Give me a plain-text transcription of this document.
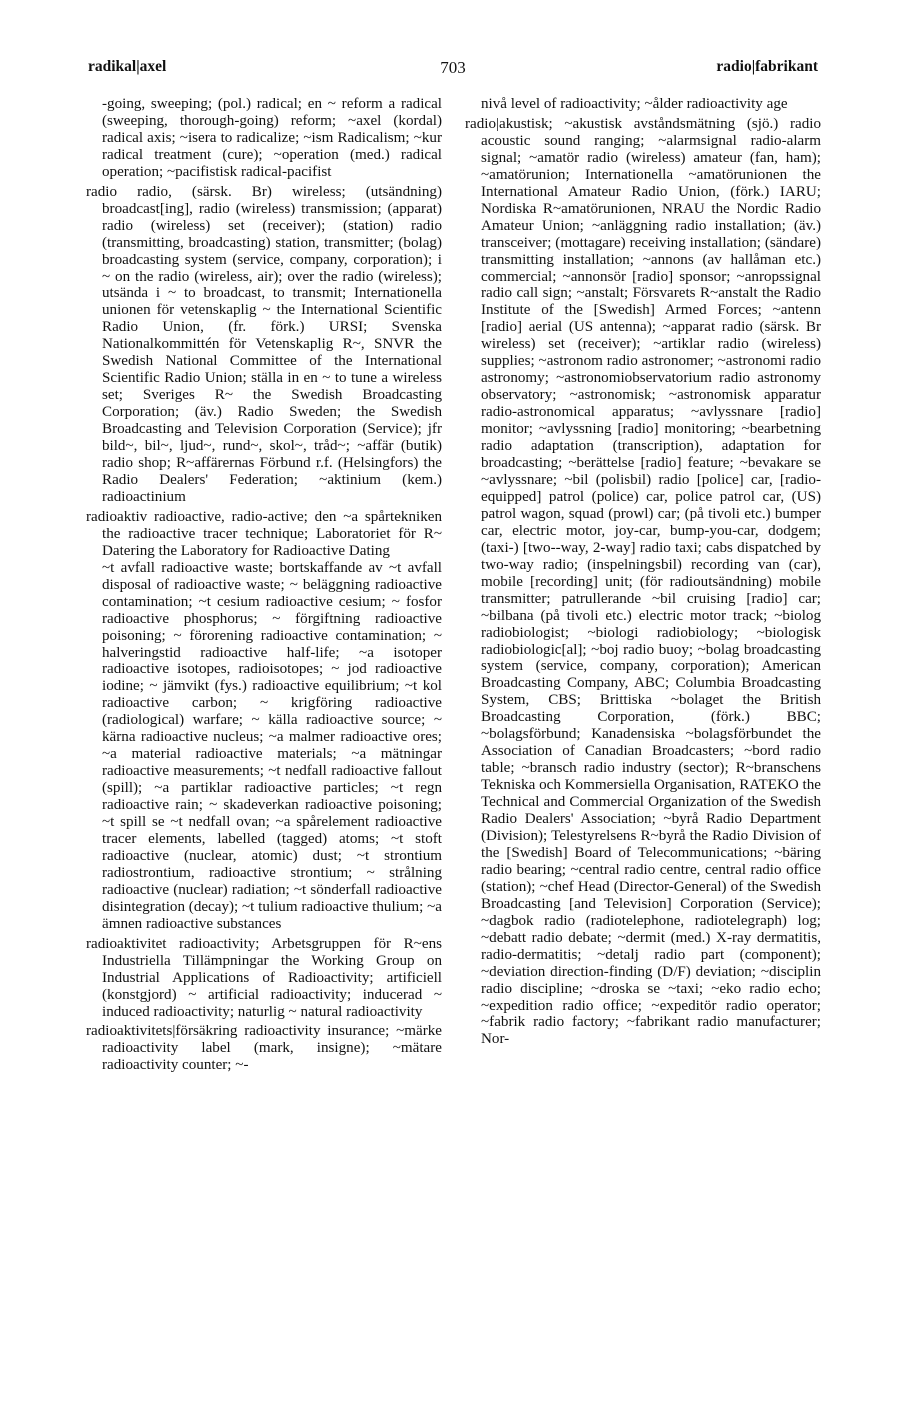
radikal|axel	703	radio|fabrikant

-going, sweeping; (pol.) radical; en ~ reform a radical (sweeping, thorough-going) reform; ~axel (kordal) radical axis; ~isera to radicalize; ~ism Radicalism; ~kur radical treatment (cure); ~operation (med.) radical operation; ~pacifistisk radical-pacifist

radio radio, (särsk. Br) wireless; (utsändning) broadcast[ing], radio (wireless) transmission; (apparat) radio (wireless) set (receiver); (station) radio (transmitting, broadcasting) station, transmitter; (bolag) broadcasting system (service, company, corporation); i ~ on the radio (wireless, air); over the radio (wireless); utsända i ~ to broadcast, to transmit; Internationella unionen för vetenskaplig ~ the International Scientific Radio Union, (fr. förk.) URSI; Svenska Nationalkommittén för Vetenskaplig R~, SNVR the Swedish National Committee of the International Scientific Radio Union; ställa in en ~ to tune a wireless set; Sveriges R~ the Swedish Broadcasting Corporation; (äv.) Radio Sweden; the Swedish Broadcasting and Television Corporation (Service); jfr bild~, bil~, ljud~, rund~, skol~, tråd~; ~affär (butik) radio shop; R~affärernas Förbund r.f. (Helsingfors) the Radio Dealers' Federation; ~aktinium (kem.) radioactinium

radioaktiv radioactive, radio-active; den ~a spårtekniken the radioactive tracer technique; Laboratoriet för R~ Datering the Laboratory for Radioactive Dating

~t avfall radioactive waste; bortskaffande av ~t avfall disposal of radioactive waste; ~ beläggning radioactive contamination; ~t cesium radioactive cesium; ~ fosfor radioactive phosphorus; ~ förgiftning radioactive poisoning; ~ förorening radioactive contamination; ~ halveringstid radioactive half-life; ~a isotoper radioactive isotopes, radioisotopes; ~ jod radioactive iodine; ~ jämvikt (fys.) radioactive equilibrium; ~t kol radioactive carbon; ~ krigföring radioactive (radiological) warfare; ~ källa radioactive source; ~ kärna radioactive nucleus; ~a malmer radioactive ores; ~a material radioactive materials; ~a mätningar radioactive measurements; ~t nedfall radioactive fallout (spill); ~a partiklar radioactive particles; ~t regn radioactive rain; ~ skadeverkan radioactive poisoning; ~t spill se ~t nedfall ovan; ~a spårelement radioactive tracer elements, labelled (tagged) atoms; ~t stoft radioactive (nuclear, atomic) dust; ~t strontium radiostrontium, radioactive strontium; ~ strålning radioactive (nuclear) radiation; ~t sönderfall radioactive disintegration (decay); ~t tulium radioactive thulium; ~a ämnen radioactive substances

radioaktivitet radioactivity; Arbetsgruppen för R~ens Industriella Tillämpningar the Working Group on Industrial Applications of Radioactivity; artificiell (konstgjord) ~ artificial radioactivity; inducerad ~ induced radioactivity; naturlig ~ natural radioactivity

radioaktivitets|försäkring radioactivity insurance; ~märke radioactivity label (mark, insigne); ~mätare radioactivity counter; ~-

nivå level of radioactivity; ~ålder radioactivity age

radio|akustisk; ~akustisk avståndsmätning (sjö.) radio acoustic sound ranging; ~alarmsignal radio-alarm signal; ~amatör radio (wireless) amateur (fan, ham); ~amatörunion; Internationella ~amatörunionen the International Amateur Radio Union, (förk.) IARU; Nordiska R~amatörunionen, NRAU the Nordic Radio Amateur Union; ~anläggning radio installation; (äv.) transceiver; (mottagare) receiving installation; (sändare) transmitting installation; ~annons (av hallåman etc.) commercial; ~annonsör [radio] sponsor; ~anropssignal radio call sign; ~anstalt; Försvarets R~anstalt the Radio Institute of the [Swedish] Armed Forces; ~antenn [radio] aerial (US antenna); ~apparat radio (särsk. Br wireless) set (receiver); ~artiklar radio (wireless) supplies; ~astronom radio astronomer; ~astronomi radio astronomy; ~astronomiobservatorium radio astronomy observatory; ~astronomisk; ~astronomisk apparatur radio-astronomical apparatus; ~avlyssnare [radio] monitor; ~avlyssning [radio] monitoring; ~bearbetning radio adaptation (transcription), adaptation for broadcasting; ~berättelse [radio] feature; ~bevakare se ~avlyssnare; ~bil (polisbil) radio [police] car, [radio-equipped] patrol (police) car, police patrol car, (US) patrol wagon, squad (prowl) car; (på tivoli etc.) bumper car, electric motor, joy-car, bump-you-car, dodgem; (taxi-) [two--way, 2-way] radio taxi; cabs dispatched by two-way radio; (inspelningsbil) recording van (car), mobile [recording] unit; (för radioutsändning) mobile transmitter; patrullerande ~bil cruising [radio] car; ~bilbana (på tivoli etc.) electric motor track; ~biolog radiobiologist; ~biologi radiobiology; ~biologisk radiobiologic[al]; ~boj radio buoy; ~bolag broadcasting system (service, company, corporation); American Broadcasting Company, ABC; Columbia Broadcasting System, CBS; Brittiska ~bolaget the British Broadcasting Corporation, (förk.) BBC; ~bolagsförbund; Kanadensiska ~bolagsförbundet the Association of Canadian Broadcasters; ~bord radio table; ~bransch radio industry (sector); R~branschens Tekniska och Kommersiella Organisation, RATEKO the Technical and Commercial Organization of the Swedish Radio Dealers' Association; ~byrå Radio Department (Division); Telestyrelsens R~byrå the Radio Division of the [Swedish] Board of Telecommunications; ~bäring radio bearing; ~central radio centre, central radio office (station); ~chef Head (Director-General) of the Swedish Broadcasting [and Television] Corporation (Service); ~dagbok radio (radiotelephone, radiotelegraph) log; ~debatt radio debate; ~dermit (med.) X-ray dermatitis, radio-dermatitis; ~detalj radio part (component); ~deviation direction-finding (D/F) deviation; ~disciplin radio discipline; ~droska se ~taxi; ~eko radio echo; ~expedition radio office; ~expeditör radio operator; ~fabrik radio factory; ~fabrikant radio manufacturer; Nor-
